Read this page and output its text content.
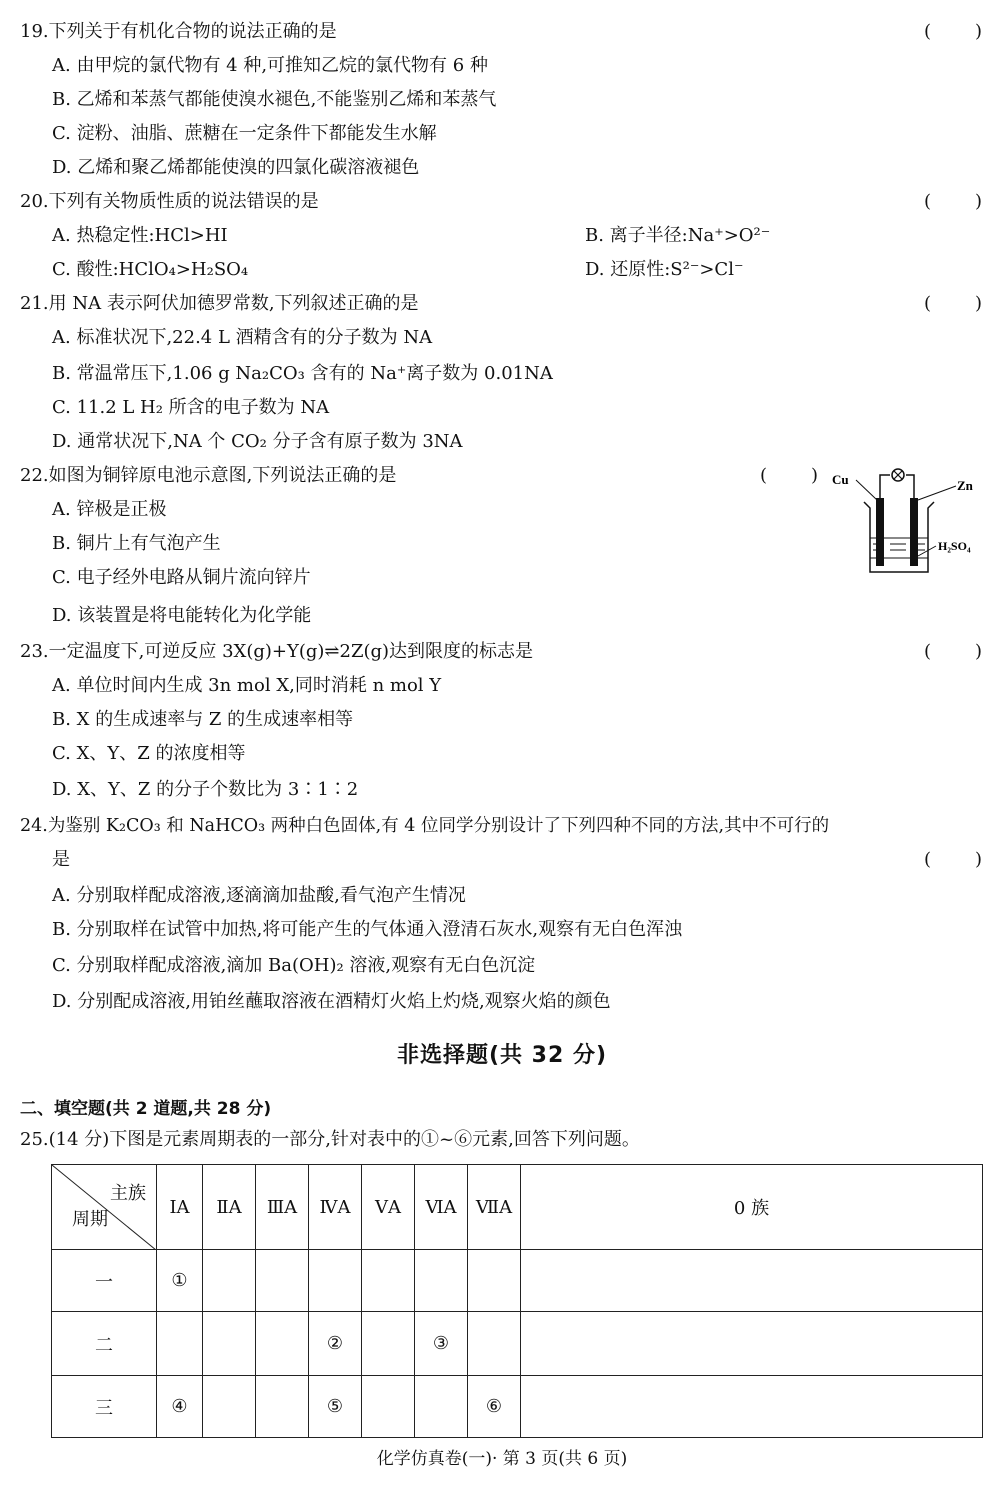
19.下列关于有机化合物的说法正确的是	( )
A. 由甲烷的氯代物有 4 种,可推知乙烷的氯代物有 6 种
B. 乙烯和苯蒸气都能使溴水褪色,不能鉴别乙烯和苯蒸气
C. 淀粉、油脂、蔗糖在一定条件下都能发生水解
D. 乙烯和聚乙烯都能使溴的四氯化碳溶液褪色
20.下列有关物质性质的说法错误的是	( )
A. 热稳定性:HCl>HI	B. 离子半径:Na⁺>O²⁻
C. 酸性:HClO₄>H₂SO₄	D. 还原性:S²⁻>Cl⁻
21.用 NA 表示阿伏加德罗常数,下列叙述正确的是	( )
A. 标准状况下,22.4 L 酒精含有的分子数为 NA
B. 常温常压下,1.06 g Na₂CO₃ 含有的 Na⁺离子数为 0.01NA
C. 11.2 L H₂ 所含的电子数为 NA
D. 通常状况下,NA 个 CO₂ 分子含有原子数为 3NA
22.如图为铜锌原电池示意图,下列说法正确的是	( )
A. 锌极是正极
B. 铜片上有气泡产生
C. 电子经外电路从铜片流向锌片
D. 该装置是将电能转化为化学能
Cu	Zn
H₂SO₄
23.一定温度下,可逆反应 3X(g)+Y(g)⇌2Z(g)达到限度的标志是	( )
A. 单位时间内生成 3n mol X,同时消耗 n mol Y
B. X 的生成速率与 Z 的生成速率相等
C. X、Y、Z 的浓度相等
D. X、Y、Z 的分子个数比为 3∶1∶2
24.为鉴别 K₂CO₃ 和 NaHCO₃ 两种白色固体,有 4 位同学分别设计了下列四种不同的方法,其中不可行的
是	( )
A. 分别取样配成溶液,逐滴滴加盐酸,看气泡产生情况
B. 分别取样在试管中加热,将可能产生的气体通入澄清石灰水,观察有无白色浑浊
C. 分别取样配成溶液,滴加 Ba(OH)₂ 溶液,观察有无白色沉淀
D. 分别配成溶液,用铂丝蘸取溶液在酒精灯火焰上灼烧,观察火焰的颜色
非选择题(共 32 分)
二、填空题(共 2 道题,共 28 分)
25.(14 分)下图是元素周期表的一部分,针对表中的①~⑥元素,回答下列问题。
主族
周期	ⅠA	ⅡA	ⅢA	ⅣA	ⅤA	ⅥA	ⅦA	0 族
一	①							
二				②		③		
三	④			⑤			⑥	
化学仿真卷(一)· 第 3 页(共 6 页)
